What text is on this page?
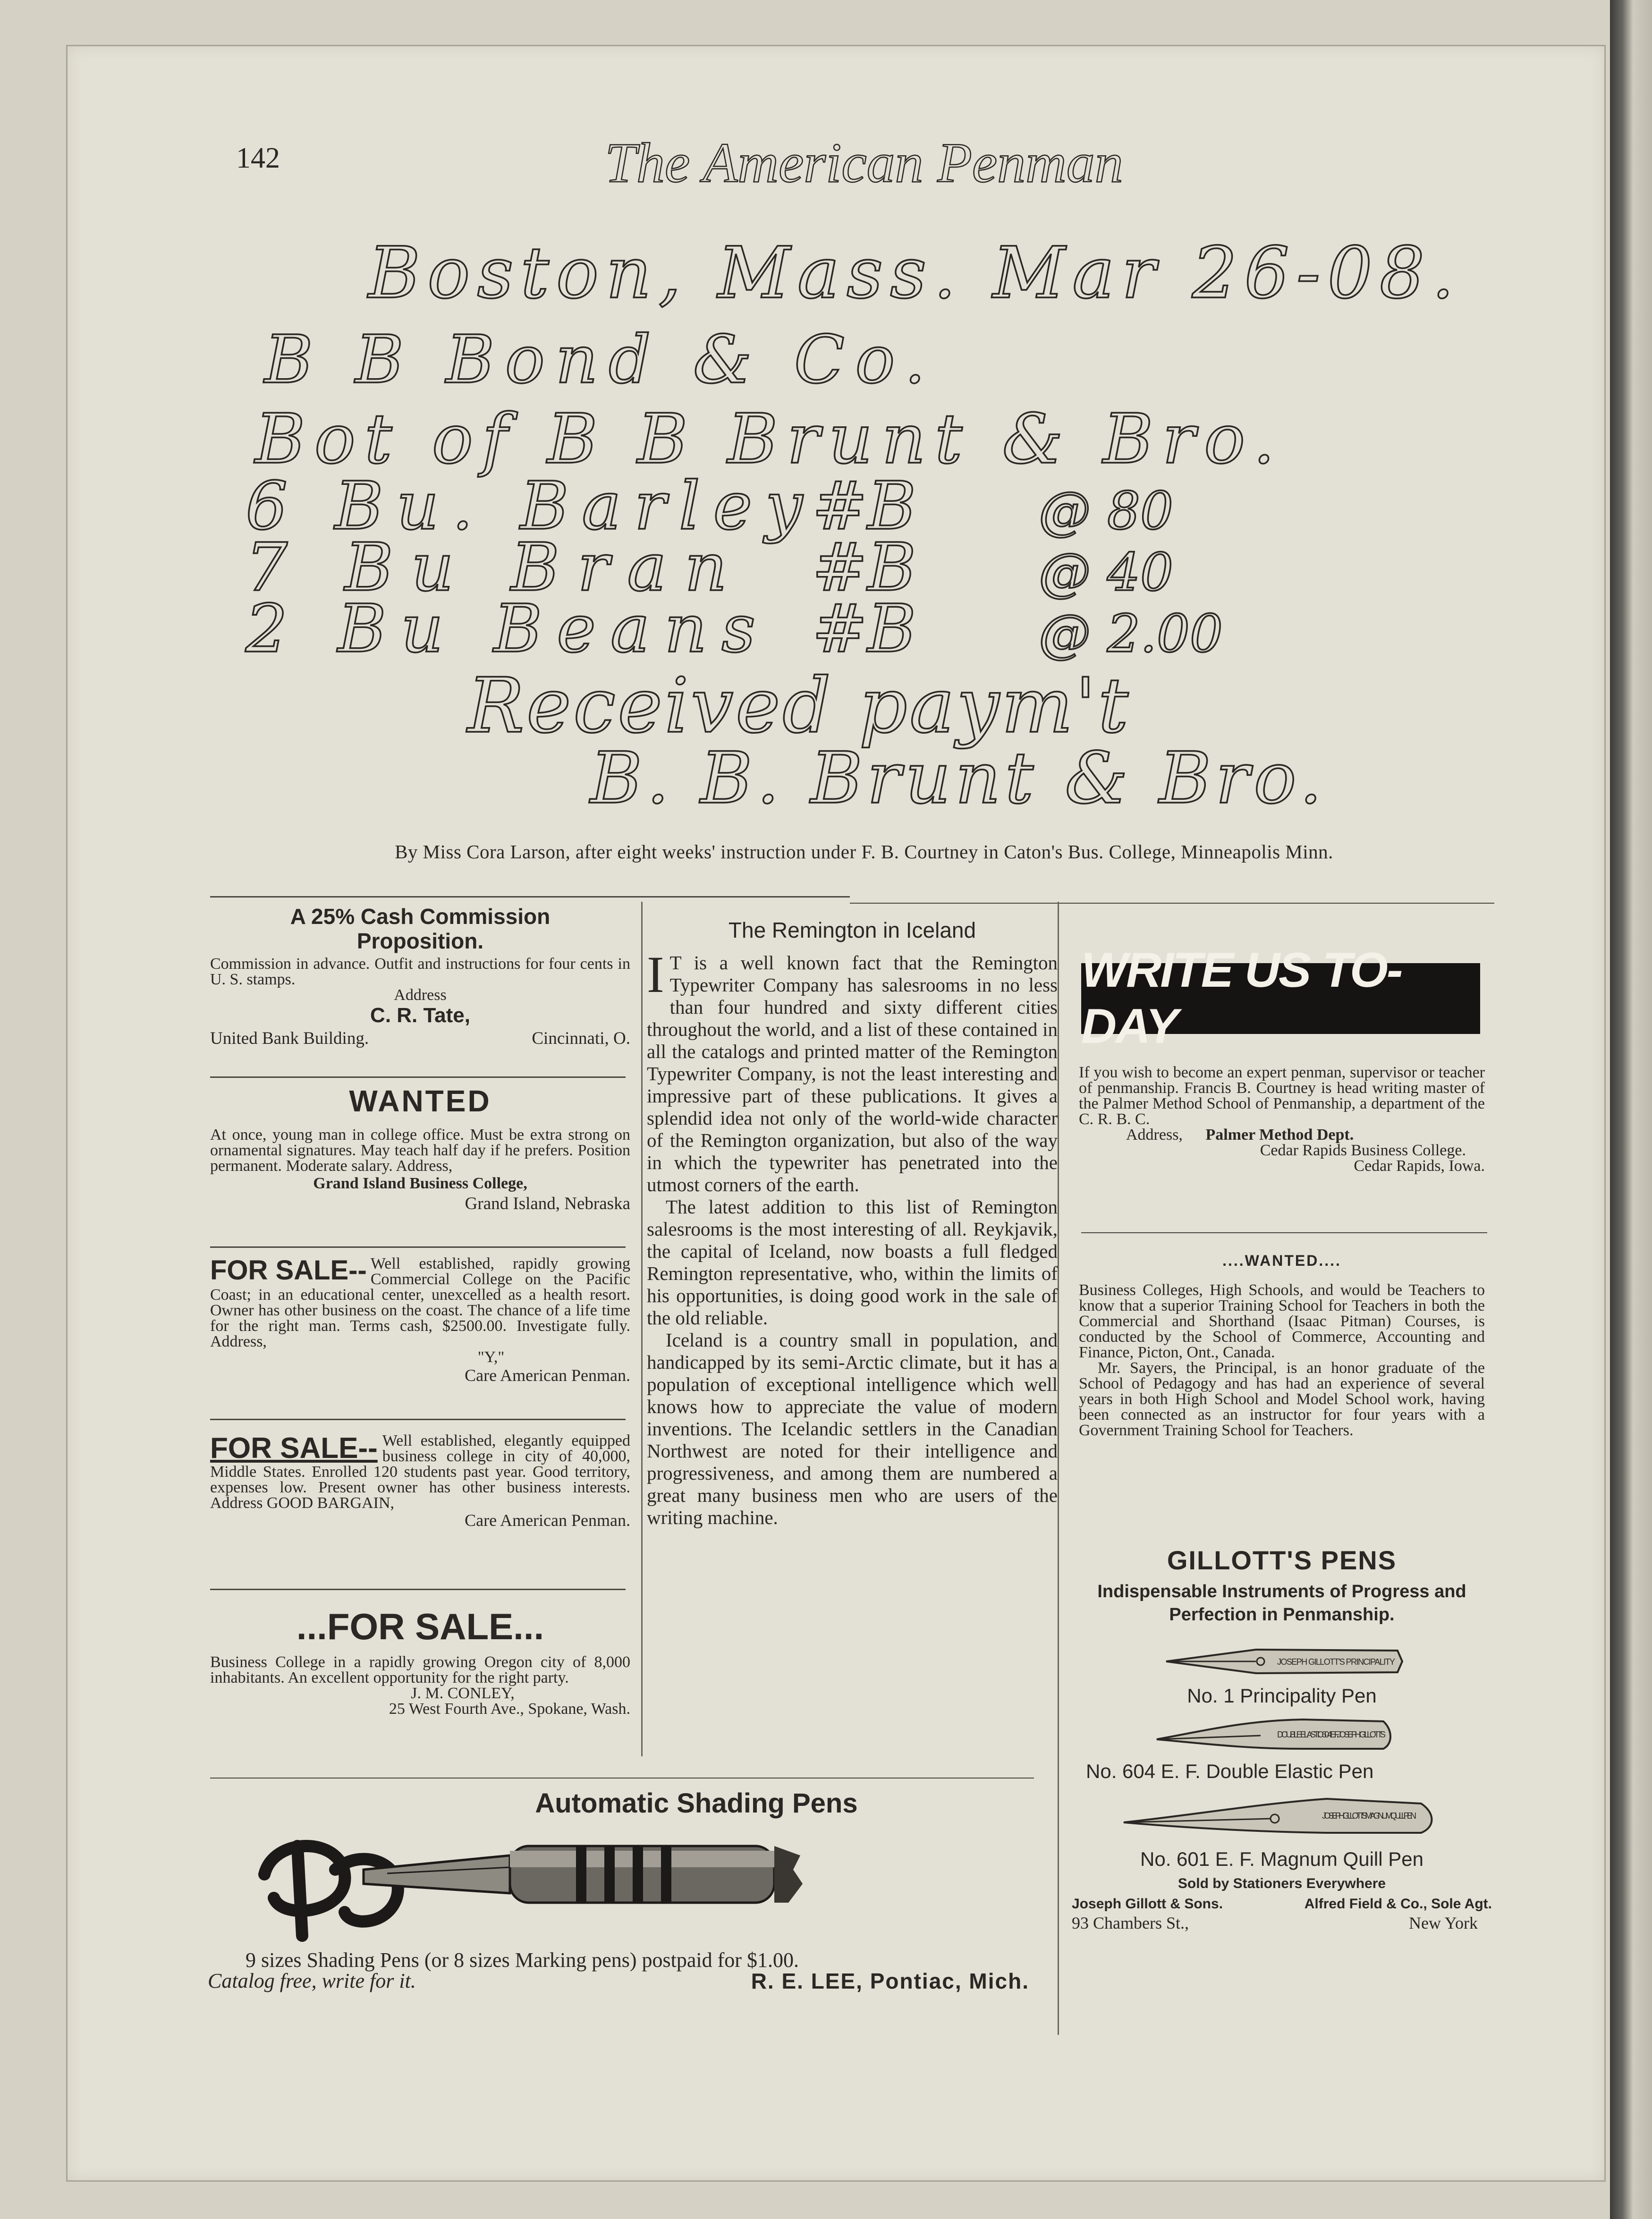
142	The American Penman
Boston, Mass. Mar 26-08.
B B Bond & Co.
Bot of B B Brunt & Bro.
6 Bu. Barley #B @ 80
7 Bu Bran #B @ 40
2 Bu Beans #B @ 2.00
Received paym't
B. B. Brunt & Bro.
By Miss Cora Larson, after eight weeks' instruction under F. B. Courtney in Caton's Bus. College, Minneapolis Minn.
A 25% Cash Commission
Proposition.
Commission in advance. Outfit and instructions for four cents in U. S. stamps.
Address
C. R. Tate,
United Bank Building.	Cincinnati, O.
WANTED
At once, young man in college office. Must be extra strong on ornamental signatures. May teach half day if he prefers. Position permanent. Moderate salary. Address,
Grand Island Business College,
Grand Island, Nebraska
FOR SALE-- Well established, rapidly growing Commercial College on the Pacific Coast; in an educational center, unexcelled as a health resort. Owner has other business on the coast. The chance of a life time for the right man. Terms cash, $2500.00. Investigate fully. Address,
"Y,"
Care American Penman.
FOR SALE-- Well established, elegantly equipped business college in city of 40,000, Middle States. Enrolled 120 students past year. Good territory, expenses low. Present owner has other business interests. Address GOOD BARGAIN,
Care American Penman.
...FOR SALE...
Business College in a rapidly growing Oregon city of 8,000 inhabitants. An excellent opportunity for the right party.
J. M. CONLEY,
25 West Fourth Ave., Spokane, Wash.
The Remington in Iceland
I T is a well known fact that the Remington Typewriter Company has salesrooms in no less than four hundred and sixty different cities throughout the world, and a list of these contained in all the catalogs and printed matter of the Remington Typewriter Company, is not the least interesting and impressive part of these publications. It gives a splendid idea not only of the world-wide character of the Remington organization, but also of the way in which the typewriter has penetrated into the utmost corners of the earth.
The latest addition to this list of Remington salesrooms is the most interesting of all. Reykjavik, the capital of Iceland, now boasts a full fledged Remington representative, who, within the limits of his opportunities, is doing good work in the sale of the old reliable.
Iceland is a country small in population, and handicapped by its semi-Arctic climate, but it has a population of exceptional intelligence which well knows how to appreciate the value of modern inventions. The Icelandic settlers in the Canadian Northwest are noted for their intelligence and progressiveness, and among them are numbered a great many business men who are users of the writing machine.
Automatic Shading Pens
9 sizes Shading Pens (or 8 sizes Marking pens) postpaid for $1.00.
Catalog free, write for it.	R. E. LEE, Pontiac, Mich.
WRITE US TO-DAY
If you wish to become an expert penman, supervisor or teacher of penmanship. Francis B. Courtney is head writing master of the Palmer Method School of Penmanship, a department of the C. R. B. C.
Address, Palmer Method Dept.
Cedar Rapids Business College.
Cedar Rapids, Iowa.
....WANTED....
Business Colleges, High Schools, and would be Teachers to know that a superior Training School for Teachers in both the Commercial and Shorthand (Isaac Pitman) Courses, is conducted by the School of Commerce, Accounting and Finance, Picton, Ont., Canada.
Mr. Sayers, the Principal, is an honor graduate of the School of Pedagogy and has had an experience of several years in both High School and Model School work, having been connected as an instructor for four years with a Government Training School for Teachers.
GILLOTT'S PENS
Indispensable Instruments of Progress and
Perfection in Penmanship.
JOSEPH GILLOTT'S PRINCIPALITY
No. 1 Principality Pen
DOUBLE ELASTIC 604 E.F. JOSEPH GILLOTT'S
No. 604 E. F. Double Elastic Pen
JOSEPH GILLOTT'S MAGNUM QUILL PEN
No. 601 E. F. Magnum Quill Pen
Sold by Stationers Everywhere
Joseph Gillott & Sons.	Alfred Field & Co., Sole Agt.
93 Chambers St.,	New York
